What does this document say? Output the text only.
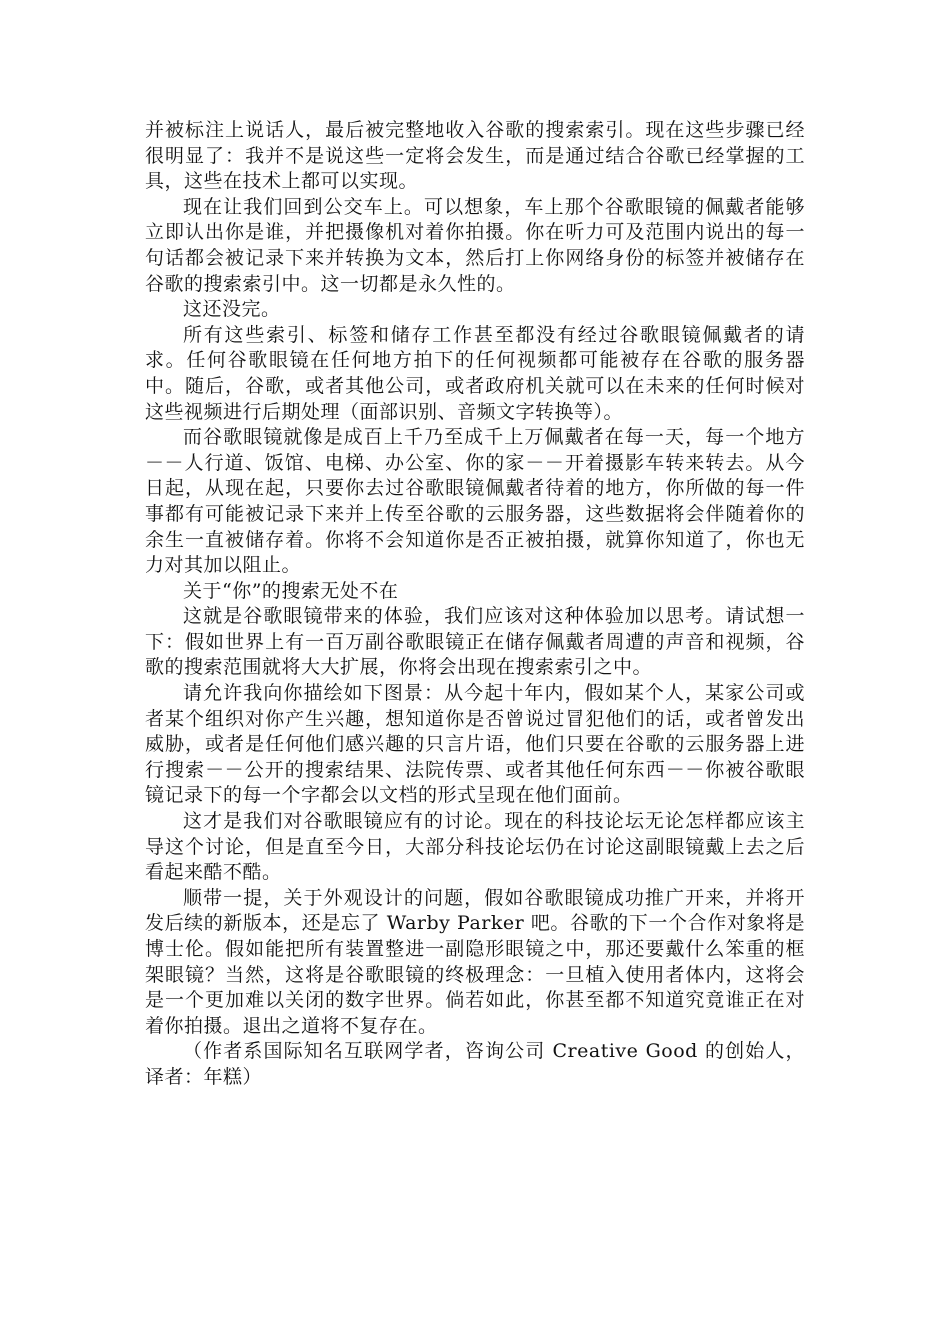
并被标注上说话人，最后被完整地收入谷歌的搜索索引。现在这些步骤已经很明显了：我并不是说这些一定将会发生，而是通过结合谷歌已经掌握的工具，这些在技术上都可以实现。

现在让我们回到公交车上。可以想象，车上那个谷歌眼镜的佩戴者能够立即认出你是谁，并把摄像机对着你拍摄。你在听力可及范围内说出的每一句话都会被记录下来并转换为文本，然后打上你网络身份的标签并被储存在谷歌的搜索索引中。这一切都是永久性的。

这还没完。

所有这些索引、标签和储存工作甚至都没有经过谷歌眼镜佩戴者的请求。任何谷歌眼镜在任何地方拍下的任何视频都可能被存在谷歌的服务器中。随后，谷歌，或者其他公司，或者政府机关就可以在未来的任何时候对这些视频进行后期处理（面部识别、音频文字转换等）。

而谷歌眼镜就像是成百上千乃至成千上万佩戴者在每一天，每一个地方－－人行道、饭馆、电梯、办公室、你的家－－开着摄影车转来转去。从今日起，从现在起，只要你去过谷歌眼镜佩戴者待着的地方，你所做的每一件事都有可能被记录下来并上传至谷歌的云服务器，这些数据将会伴随着你的余生一直被储存着。你将不会知道你是否正被拍摄，就算你知道了，你也无力对其加以阻止。

关于“你”的搜索无处不在

这就是谷歌眼镜带来的体验，我们应该对这种体验加以思考。请试想一下：假如世界上有一百万副谷歌眼镜正在储存佩戴者周遭的声音和视频，谷歌的搜索范围就将大大扩展，你将会出现在搜索索引之中。

请允许我向你描绘如下图景：从今起十年内，假如某个人，某家公司或者某个组织对你产生兴趣，想知道你是否曾说过冒犯他们的话，或者曾发出威胁，或者是任何他们感兴趣的只言片语，他们只要在谷歌的云服务器上进行搜索－－公开的搜索结果、法院传票、或者其他任何东西－－你被谷歌眼镜记录下的每一个字都会以文档的形式呈现在他们面前。

这才是我们对谷歌眼镜应有的讨论。现在的科技论坛无论怎样都应该主导这个讨论，但是直至今日，大部分科技论坛仍在讨论这副眼镜戴上去之后看起来酷不酷。

顺带一提，关于外观设计的问题，假如谷歌眼镜成功推广开来，并将开发后续的新版本，还是忘了 Warby Parker 吧。谷歌的下一个合作对象将是博士伦。假如能把所有装置整进一副隐形眼镜之中，那还要戴什么笨重的框架眼镜？当然，这将是谷歌眼镜的终极理念：一旦植入使用者体内，这将会是一个更加难以关闭的数字世界。倘若如此，你甚至都不知道究竟谁正在对着你拍摄。退出之道将不复存在。

（作者系国际知名互联网学者，咨询公司 Creative Good 的创始人，译者：年糕）
